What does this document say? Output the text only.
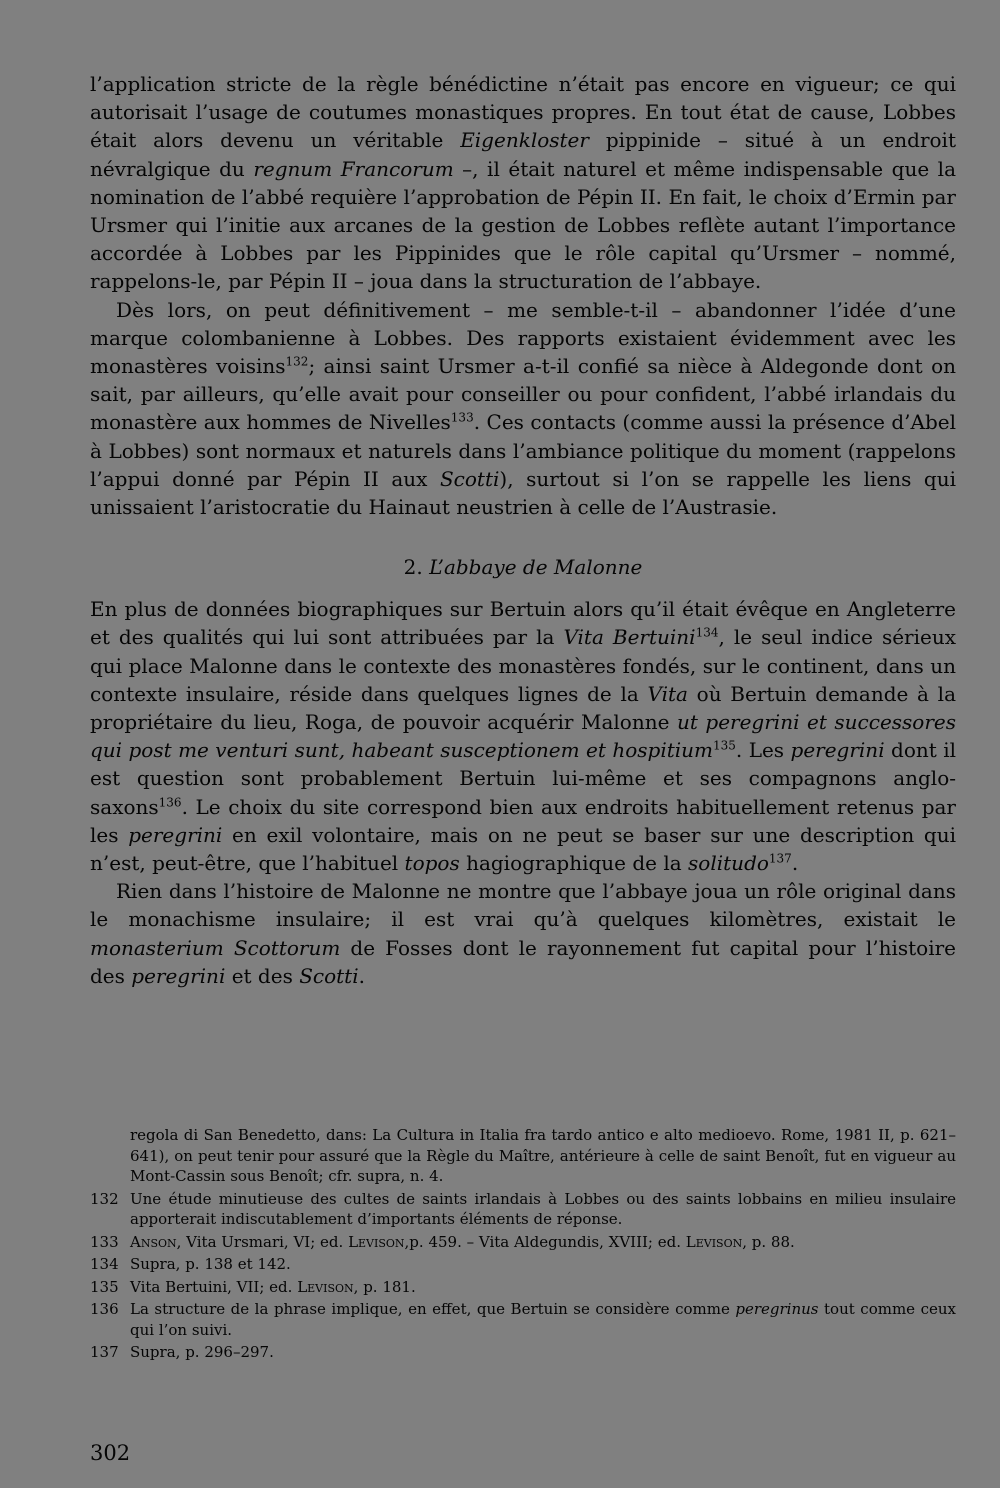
l’application stricte de la règle bénédictine n’était pas encore en vigueur; ce qui autorisait l’usage de coutumes monastiques propres. En tout état de cause, Lobbes était alors devenu un véritable Eigenkloster pippinide – situé à un endroit névralgique du regnum Francorum –, il était naturel et même indispensable que la nomination de l’abbé requière l’approbation de Pépin II. En fait, le choix d’Ermin par Ursmer qui l’initie aux arcanes de la gestion de Lobbes reflète autant l’importance accordée à Lobbes par les Pippinides que le rôle capital qu’Ursmer – nommé, rappelons-le, par Pépin II – joua dans la structuration de l’abbaye.

Dès lors, on peut définitivement – me semble-t-il – abandonner l’idée d’une marque colombanienne à Lobbes. Des rapports existaient évidemment avec les monastères voisins$^{132}$; ainsi saint Ursmer a-t-il confié sa nièce à Aldegonde dont on sait, par ailleurs, qu’elle avait pour conseiller ou pour confident, l’abbé irlandais du monastère aux hommes de Nivelles$^{133}$. Ces contacts (comme aussi la présence d’Abel à Lobbes) sont normaux et naturels dans l’ambiance politique du moment (rappelons l’appui donné par Pépin II aux Scotti), surtout si l’on se rappelle les liens qui unissaient l’aristocratie du Hainaut neustrien à celle de l’Austrasie.

2. L’abbaye de Malonne

En plus de données biographiques sur Bertuin alors qu’il était évêque en Angleterre et des qualités qui lui sont attribuées par la Vita Bertuini$^{134}$, le seul indice sérieux qui place Malonne dans le contexte des monastères fondés, sur le continent, dans un contexte insulaire, réside dans quelques lignes de la Vita où Bertuin demande à la propriétaire du lieu, Roga, de pouvoir acquérir Malonne ut peregrini et successores qui post me venturi sunt, habeant susceptionem et hospitium$^{135}$. Les peregrini dont il est question sont probablement Bertuin lui-même et ses compagnons anglo-saxons$^{136}$. Le choix du site correspond bien aux endroits habituellement retenus par les peregrini en exil volontaire, mais on ne peut se baser sur une description qui n’est, peut-être, que l’habituel topos hagiographique de la solitudo$^{137}$.

Rien dans l’histoire de Malonne ne montre que l’abbaye joua un rôle original dans le monachisme insulaire; il est vrai qu’à quelques kilomètres, existait le monasterium Scottorum de Fosses dont le rayonnement fut capital pour l’histoire des peregrini et des Scotti.

regola di San Benedetto, dans: La Cultura in Italia fra tardo antico e alto medioevo. Rome, 1981 II, p. 621–641), on peut tenir pour assuré que la Règle du Maître, antérieure à celle de saint Benoît, fut en vigueur au Mont-Cassin sous Benoît; cfr. supra, n. 4.
132 Une étude minutieuse des cultes de saints irlandais à Lobbes ou des saints lobbains en milieu insulaire apporterait indiscutablement d’importants éléments de réponse.
133 Anson, Vita Ursmari, VI; ed. Levison,p. 459. – Vita Aldegundis, XVIII; ed. Levison, p. 88.
134 Supra, p. 138 et 142.
135 Vita Bertuini, VII; ed. Levison, p. 181.
136 La structure de la phrase implique, en effet, que Bertuin se considère comme peregrinus tout comme ceux qui l’on suivi.
137 Supra, p. 296–297.
302
